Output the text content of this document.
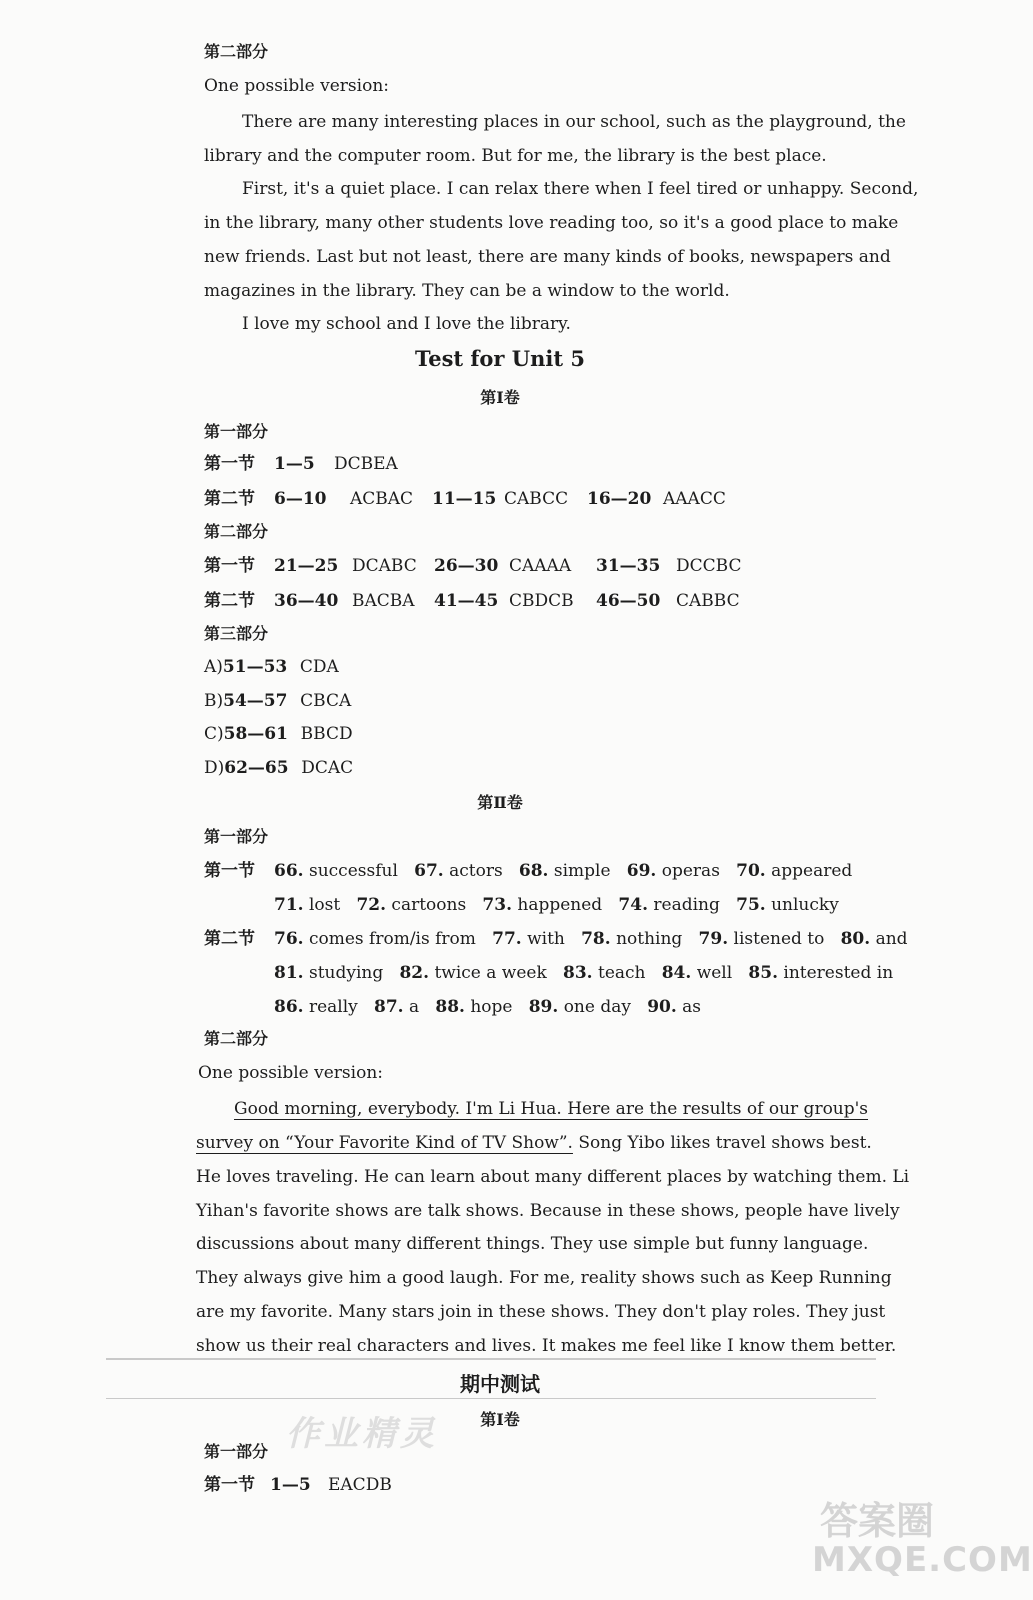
第二部分
One possible version:
There are many interesting places in our school, such as the playground, the
library and the computer room. But for me, the library is the best place.
First, it's a quiet place. I can relax there when I feel tired or unhappy. Second,
in the library, many other students love reading too, so it's a good place to make
new friends. Last but not least, there are many kinds of books, newspapers and
magazines in the library. They can be a window to the world.
I love my school and I love the library.
Test for Unit 5
第Ⅰ卷
第一部分
第一节 1—5 DCBEA
第二节 6—10 ACBAC 11—15 CABCC 16—20 AAACC
第二部分
第一节 21—25 DCABC 26—30 CAAAA 31—35 DCCBC
第二节 36—40 BACBA 41—45 CBDCB 46—50 CABBC
第三部分
A)51—53 CDA
B)54—57 CBCA
C)58—61 BBCD
D)62—65 DCAC
第Ⅱ卷
第一部分
第一节 66. successful 67. actors 68. simple 69. operas 70. appeared
71. lost 72. cartoons 73. happened 74. reading 75. unlucky
第二节 76. comes from/is from 77. with 78. nothing 79. listened to 80. and
81. studying 82. twice a week 83. teach 84. well 85. interested in
86. really 87. a 88. hope 89. one day 90. as
第二部分
One possible version:
Good morning, everybody. I'm Li Hua. Here are the results of our group's
survey on “Your Favorite Kind of TV Show”. Song Yibo likes travel shows best.
He loves traveling. He can learn about many different places by watching them. Li
Yihan's favorite shows are talk shows. Because in these shows, people have lively
discussions about many different things. They use simple but funny language.
They always give him a good laugh. For me, reality shows such as Keep Running
are my favorite. Many stars join in these shows. They don't play roles. They just
show us their real characters and lives. It makes me feel like I know them better.
期中测试
第Ⅰ卷
第一部分
第一节 1—5 EACDB
作业精灵
答案圈
MXQE.COM
